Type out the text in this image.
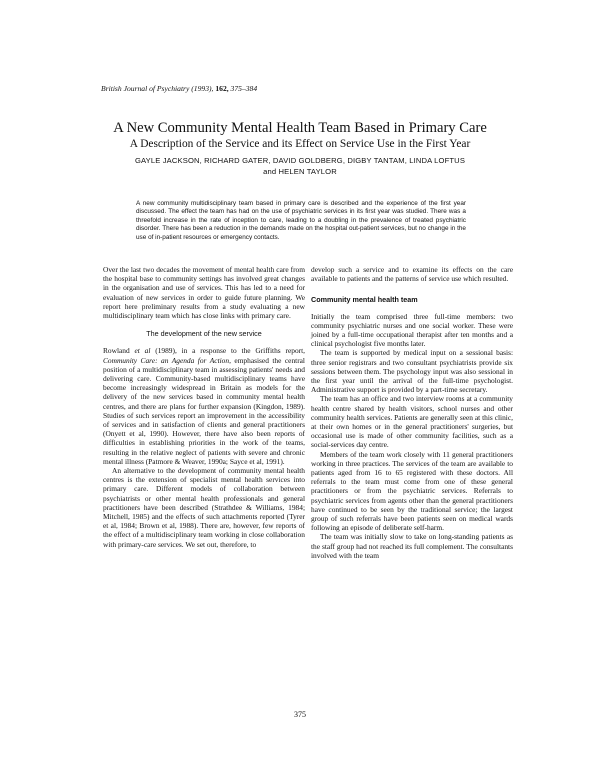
British Journal of Psychiatry (1993), 162, 375–384
A New Community Mental Health Team Based in Primary Care
A Description of the Service and its Effect on Service Use in the First Year
GAYLE JACKSON, RICHARD GATER, DAVID GOLDBERG, DIGBY TANTAM, LINDA LOFTUS
and HELEN TAYLOR
A new community multidisciplinary team based in primary care is described and the experience of the first year discussed. The effect the team has had on the use of psychiatric services in its first year was studied. There was a threefold increase in the rate of inception to care, leading to a doubling in the prevalence of treated psychiatric disorder. There has been a reduction in the demands made on the hospital out-patient services, but no change in the use of in-patient resources or emergency contacts.

Over the last two decades the movement of mental health care from the hospital base to community settings has involved great changes in the organisation and use of services. This has led to a need for evaluation of new services in order to guide future planning. We report here preliminary results from a study evaluating a new multidisciplinary team which has close links with primary care.

The development of the new service

Rowland et al (1989), in a response to the Griffiths report, Community Care: an Agenda for Action, emphasised the central position of a multidisciplinary team in assessing patients' needs and delivering care. Community-based multidisciplinary teams have become increasingly widespread in Britain as models for the delivery of the new services based in community mental health centres, and there are plans for further expansion (Kingdon, 1989). Studies of such services report an improvement in the accessibility of services and in satisfaction of clients and general practitioners (Onyett et al, 1990). However, there have also been reports of difficulties in establishing priorities in the work of the teams, resulting in the relative neglect of patients with severe and chronic mental illness (Patmore & Weaver, 1990a; Sayce et al, 1991).

An alternative to the development of community mental health centres is the extension of specialist mental health services into primary care. Different models of collaboration between psychiatrists or other mental health professionals and general practitioners have been described (Strathdee & Williams, 1984; Mitchell, 1985) and the effects of such attachments reported (Tyrer et al, 1984; Brown et al, 1988). There are, however, few reports of the effect of a multidisciplinary team working in close collaboration with primary-care services. We set out, therefore, to

develop such a service and to examine its effects on the care available to patients and the patterns of service use which resulted.

Community mental health team

Initially the team comprised three full-time members: two community psychiatric nurses and one social worker. These were joined by a full-time occupational therapist after ten months and a clinical psychologist five months later.

The team is supported by medical input on a sessional basis: three senior registrars and two consultant psychiatrists provide six sessions between them. The psychology input was also sessional in the first year until the arrival of the full-time psychologist. Administrative support is provided by a part-time secretary.

The team has an office and two interview rooms at a community health centre shared by health visitors, school nurses and other community health services. Patients are generally seen at this clinic, at their own homes or in the general practitioners' surgeries, but occasional use is made of other community facilities, such as a social-services day centre.

Members of the team work closely with 11 general practitioners working in three practices. The services of the team are available to patients aged from 16 to 65 registered with these doctors. All referrals to the team must come from one of these general practitioners or from the psychiatric services. Referrals to psychiatric services from agents other than the general practitioners have continued to be seen by the traditional service; the largest group of such referrals have been patients seen on medical wards following an episode of deliberate self-harm.

The team was initially slow to take on long-standing patients as the staff group had not reached its full complement. The consultants involved with the team

375
